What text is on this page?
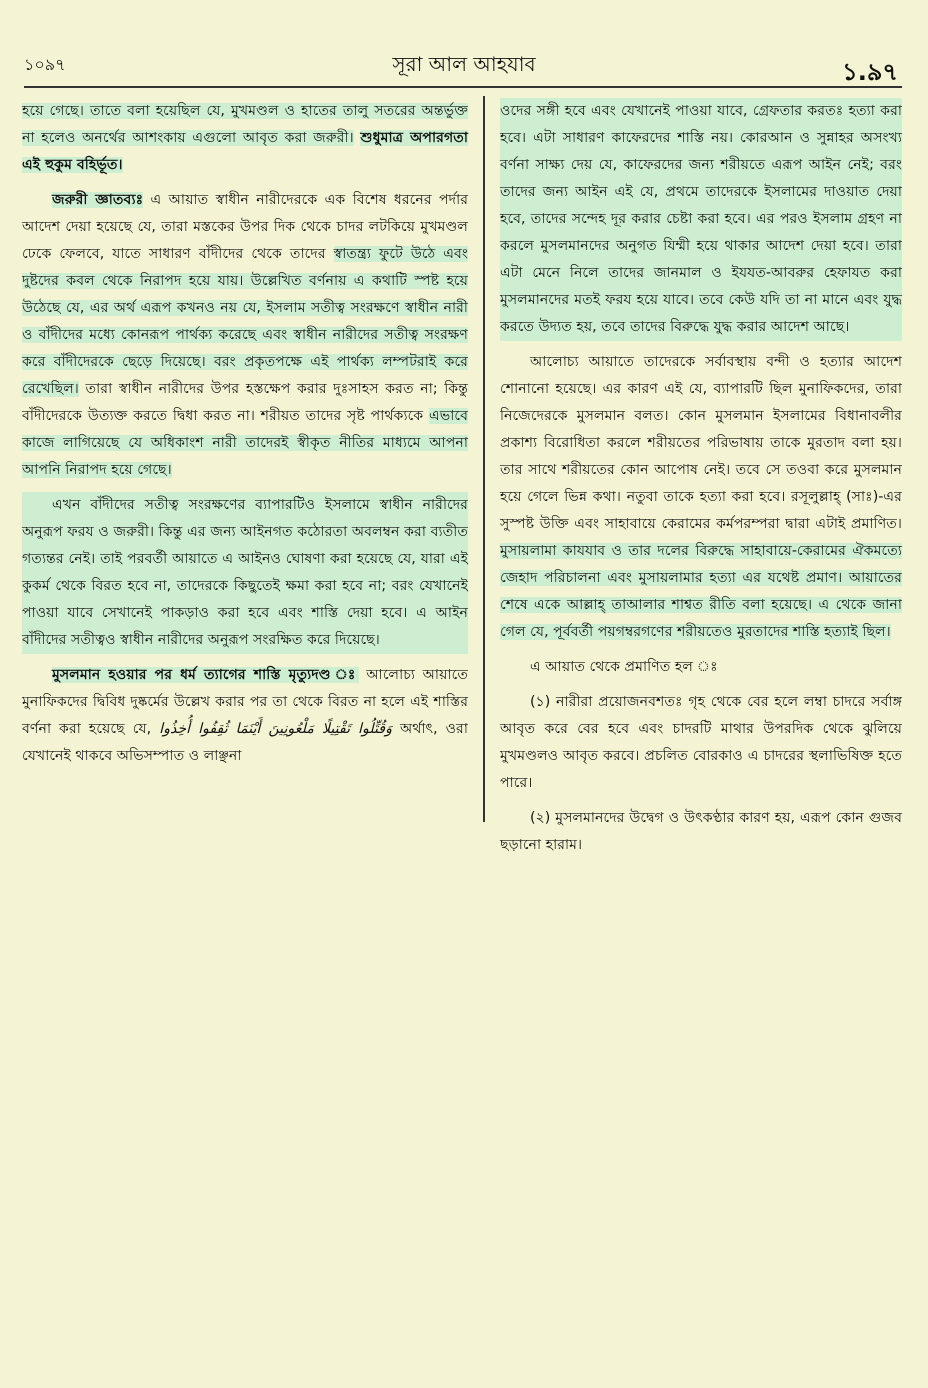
১০৯৭	সূরা আল আহযাব	১.৯৭

হয়ে গেছে। তাতে বলা হয়েছিল যে, মুখমণ্ডল ও হাতের তালু সতরের অন্তর্ভুক্ত না হলেও অনর্থের আশংকায় এগুলো আবৃত করা জরুরী। শুধুমাত্র অপারগতা এই হুকুম বহির্ভূত।

জরুরী জ্ঞাতব্যঃ এ আয়াত স্বাধীন নারীদেরকে এক বিশেষ ধরনের পর্দার আদেশ দেয়া হয়েছে যে, তারা মস্তকের উপর দিক থেকে চাদর লটকিয়ে মুখমণ্ডল ঢেকে ফেলবে, যাতে সাধারণ বাঁদীদের থেকে তাদের স্বাতন্ত্র্য ফুটে উঠে এবং দুষ্টদের কবল থেকে নিরাপদ হয়ে যায়। উল্লেখিত বর্ণনায় এ কথাটি স্পষ্ট হয়ে উঠেছে যে, এর অর্থ এরূপ কখনও নয় যে, ইসলাম সতীত্ব সংরক্ষণে স্বাধীন নারী ও বাঁদীদের মধ্যে কোনরূপ পার্থক্য করেছে এবং স্বাধীন নারীদের সতীত্ব সংরক্ষণ করে বাঁদীদেরকে ছেড়ে দিয়েছে। বরং প্রকৃতপক্ষে এই পার্থক্য লম্পটরাই করে রেখেছিল। তারা স্বাধীন নারীদের উপর হস্তক্ষেপ করার দুঃসাহস করত না; কিন্তু বাঁদীদেরকে উত্যক্ত করতে দ্বিধা করত না। শরীয়ত তাদের সৃষ্ট পার্থক্যকে এভাবে কাজে লাগিয়েছে যে অধিকাংশ নারী তাদেরই স্বীকৃত নীতির মাধ্যমে আপনা আপনি নিরাপদ হয়ে গেছে।

এখন বাঁদীদের সতীত্ব সংরক্ষণের ব্যাপারটিও ইসলামে স্বাধীন নারীদের অনুরূপ ফরয ও জরুরী। কিন্তু এর জন্য আইনগত কঠোরতা অবলম্বন করা ব্যতীত গত্যন্তর নেই। তাই পরবর্তী আয়াতে এ আইনও ঘোষণা করা হয়েছে যে, যারা এই কুকর্ম থেকে বিরত হবে না, তাদেরকে কিছুতেই ক্ষমা করা হবে না; বরং যেখানেই পাওয়া যাবে সেখানেই পাকড়াও করা হবে এবং শাস্তি দেয়া হবে। এ আইন বাঁদীদের সতীত্বও স্বাধীন নারীদের অনুরূপ সংরক্ষিত করে দিয়েছে।

মুসলমান হওয়ার পর ধর্ম ত্যাগের শাস্তি মৃত্যুদণ্ড ঃ আলোচ্য আয়াতে মুনাফিকদের দ্বিবিধ দুষ্কর্মের উল্লেখ করার পর তা থেকে বিরত না হলে এই শাস্তির বর্ণনা করা হয়েছে যে, مَلْعُونِينَ أَيْنَمَا ثُقِفُوا أُخِذُوا وَقُتِّلُوا تَقْتِيلًا অর্থাৎ, ওরা যেখানেই থাকবে অভিসম্পাত ও লাঞ্ছনা

ওদের সঙ্গী হবে এবং যেখানেই পাওয়া যাবে, গ্রেফতার করতঃ হত্যা করা হবে। এটা সাধারণ কাফেরদের শাস্তি নয়। কোরআন ও সুন্নাহর অসংখ্য বর্ণনা সাক্ষ্য দেয় যে, কাফেরদের জন্য শরীয়তে এরূপ আইন নেই; বরং তাদের জন্য আইন এই যে, প্রথমে তাদেরকে ইসলামের দাওয়াত দেয়া হবে, তাদের সন্দেহ দূর করার চেষ্টা করা হবে। এর পরও ইসলাম গ্রহণ না করলে মুসলমানদের অনুগত যিম্মী হয়ে থাকার আদেশ দেয়া হবে। তারা এটা মেনে নিলে তাদের জানমাল ও ইযযত-আবরুর হেফাযত করা মুসলমানদের মতই ফরয হয়ে যাবে। তবে কেউ যদি তা না মানে এবং যুদ্ধ করতে উদ্যত হয়, তবে তাদের বিরুদ্ধে যুদ্ধ করার আদেশ আছে।

আলোচ্য আয়াতে তাদেরকে সর্বাবস্থায় বন্দী ও হত্যার আদেশ শোনানো হয়েছে। এর কারণ এই যে, ব্যাপারটি ছিল মুনাফিকদের, তারা নিজেদেরকে মুসলমান বলত। কোন মুসলমান ইসলামের বিধানাবলীর প্রকাশ্য বিরোধিতা করলে শরীয়তের পরিভাষায় তাকে মুরতাদ বলা হয়। তার সাথে শরীয়তের কোন আপোষ নেই। তবে সে তওবা করে মুসলমান হয়ে গেলে ভিন্ন কথা। নতুবা তাকে হত্যা করা হবে। রসূলুল্লাহ্‌ (সাঃ)-এর সুস্পষ্ট উক্তি এবং সাহাবায়ে কেরামের কর্মপরম্পরা দ্বারা এটাই প্রমাণিত। মুসায়লামা কাযযাব ও তার দলের বিরুদ্ধে সাহাবায়ে-কেরামের ঐকমত্যে জেহাদ পরিচালনা এবং মুসায়লামার হত্যা এর যথেষ্ট প্রমাণ। আয়াতের শেষে একে আল্লাহ্‌ তাআলার শাশ্বত রীতি বলা হয়েছে। এ থেকে জানা গেল যে, পূর্ববর্তী পয়গম্বরগণের শরীয়তেও মুরতাদের শাস্তি হত্যাই ছিল।

এ আয়াত থেকে প্রমাণিত হল ঃ

(১) নারীরা প্রয়োজনবশতঃ গৃহ থেকে বের হলে লম্বা চাদরে সর্বাঙ্গ আবৃত করে বের হবে এবং চাদরটি মাথার উপরদিক থেকে ঝুলিয়ে মুখমণ্ডলও আবৃত করবে। প্রচলিত বোরকাও এ চাদরের স্থলাভিষিক্ত হতে পারে।

(২) মুসলমানদের উদ্বেগ ও উৎকণ্ঠার কারণ হয়, এরূপ কোন গুজব ছড়ানো হারাম।
